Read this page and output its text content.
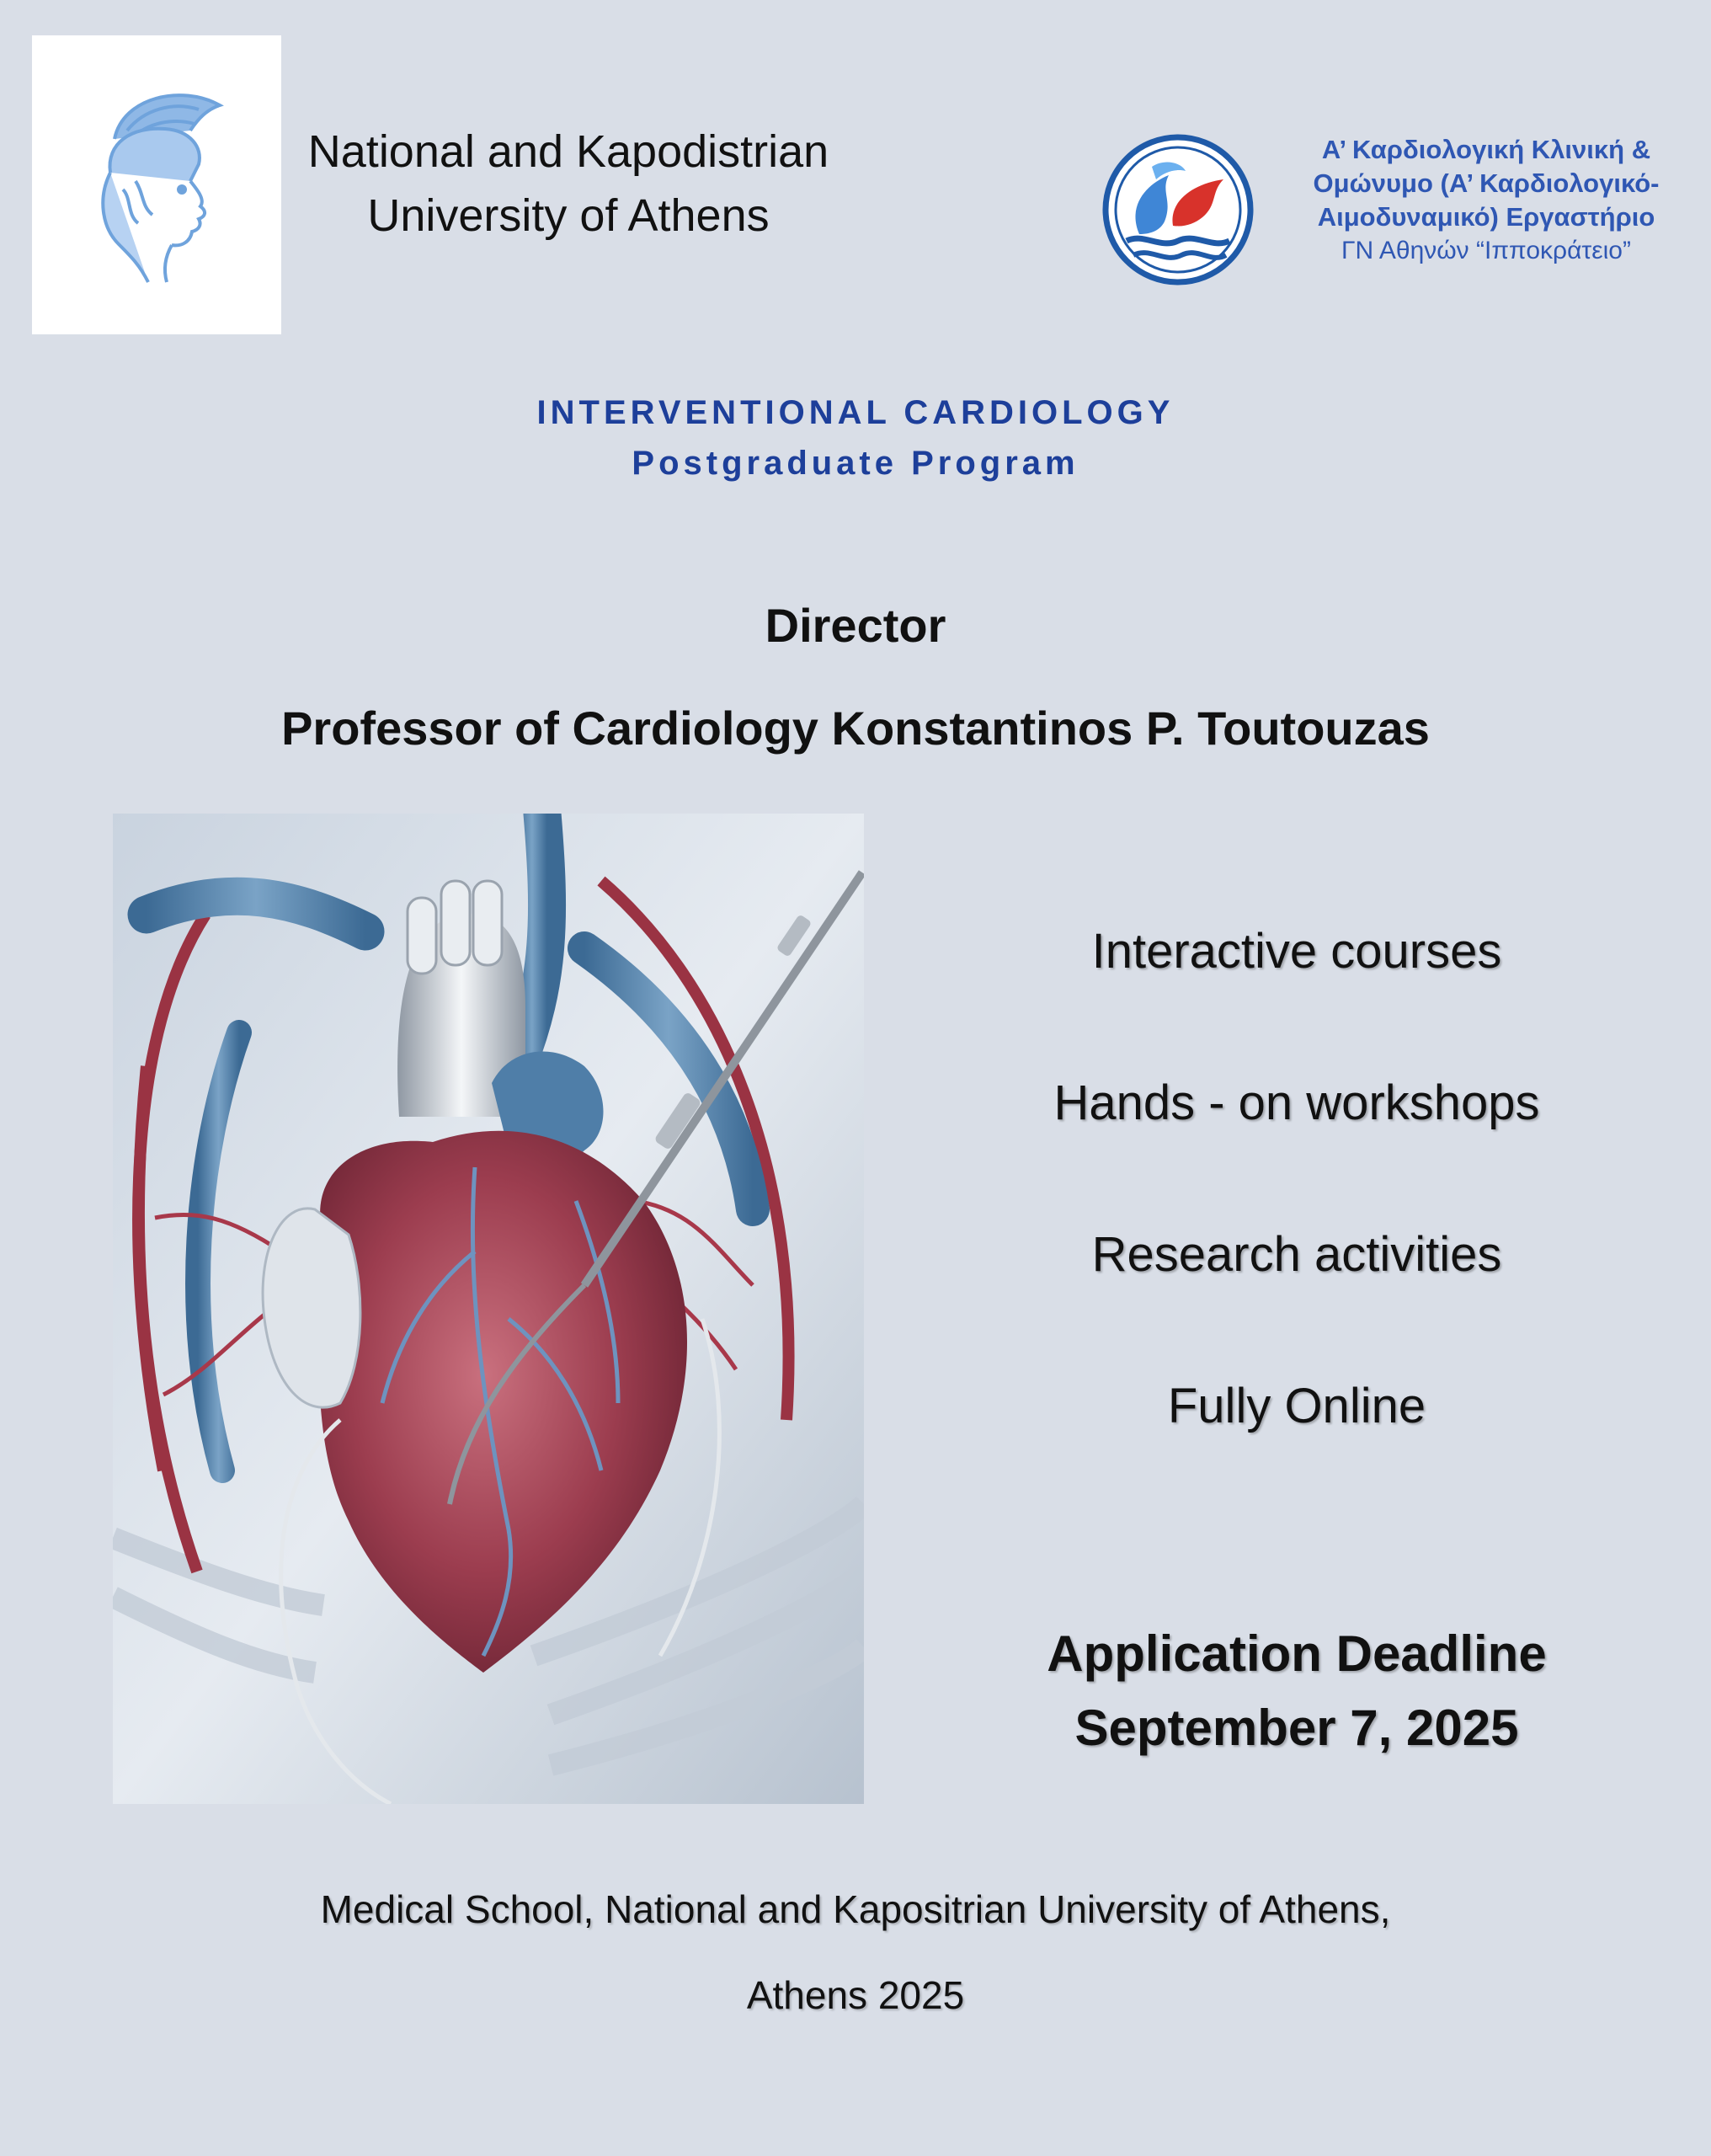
National and Kapodistrian
University of Athens
Α’ Καρδιολογική Κλινική &
Ομώνυμο (Α’ Καρδιολογικό-
Αιμοδυναμικό) Εργαστήριο
ΓΝ Αθηνών “Ιπποκράτειο”
INTERVENTIONAL CARDIOLOGY
Postgraduate Program
Director
Professor of Cardiology Konstantinos P. Toutouzas
Interactive courses
Hands - on workshops
Research activities
Fully Online
Application Deadline
September 7, 2025
Medical School, National and Kapositrian University of Athens,
Athens 2025
